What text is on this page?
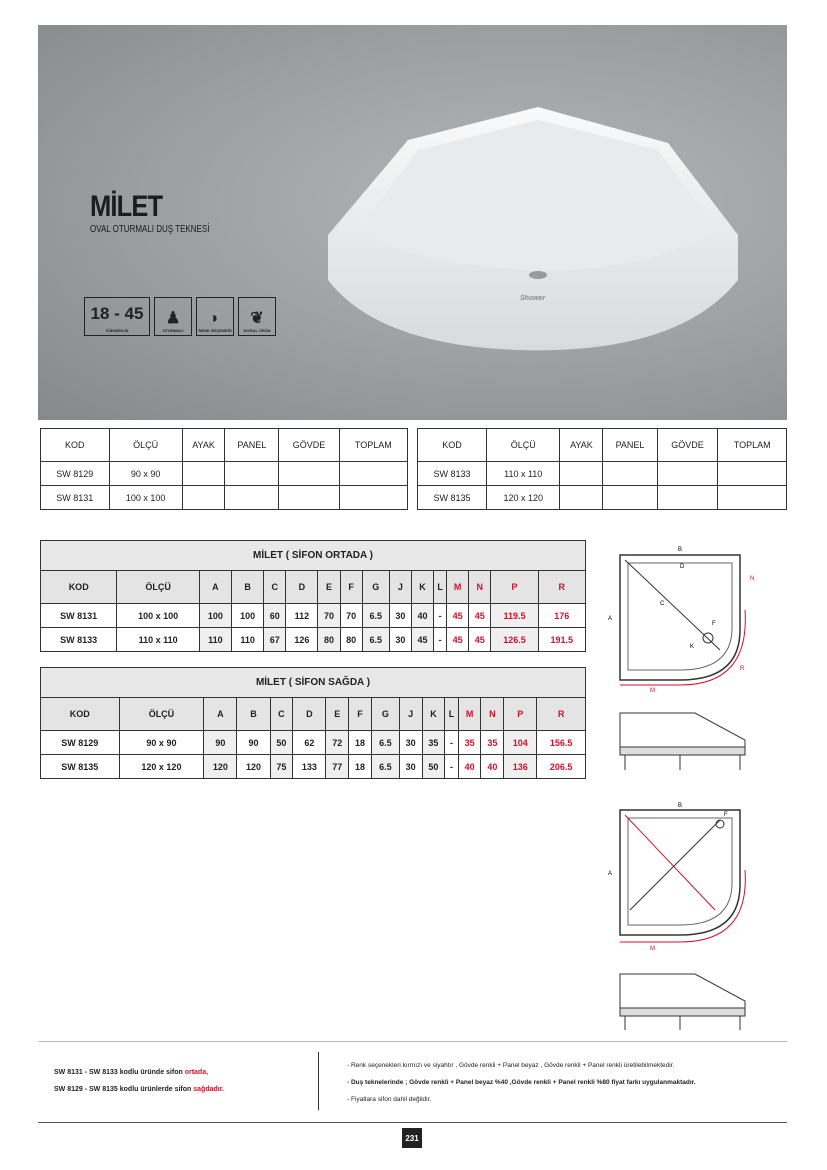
Shower
MİLET
OVAL OTURMALI DUŞ TEKNESİ
18 - 45
YÜKSEKLİK
♟
OTURMALI
◗
RENK SEÇENEĞİ
❦
DOĞAL ÜRÜN
KOD	ÖLÇÜ	AYAK	PANEL	GÖVDE	TOPLAM
SW 8129	90 x 90				
SW 8131	100 x 100				
KOD	ÖLÇÜ	AYAK	PANEL	GÖVDE	TOPLAM
SW 8133	110 x 110				
SW 8135	120 x 120				
MİLET ( SİFON ORTADA )															
KOD	ÖLÇÜ	A	B	C	D	E	F	G	J	K	L	M	N	P	R
SW 8131	100 x 100	100	100	60	112	70	70	6.5	30	40	-	45	45	119.5	176
SW 8133	110 x 110	110	110	67	126	80	80	6.5	30	45	-	45	45	126.5	191.5
MİLET ( SİFON SAĞDA )															
KOD	ÖLÇÜ	A	B	C	D	E	F	G	J	K	L	M	N	P	R
SW 8129	90 x 90	90	90	50	62	72	18	6.5	30	35	-	35	35	104	156.5
SW 8135	120 x 120	120	120	75	133	77	18	6.5	30	50	-	40	40	136	206.5
A
B
C
D
F
K
M
N
R
A
B
F
M
SW 8131 - SW 8133 kodlu üründe sifon ortada,
SW 8129 - SW 8135 kodlu ürünlerde sifon sağdadır.
- Renk seçenekleri kırmızı ve siyahtır , Gövde renkli + Panel beyaz , Gövde renkli + Panel renkli üretilebilmektedir.
- Duş teknelerinde ; Gövde renkli + Panel beyaz %40 ,Gövde renkli + Panel renkli %80 fiyat farkı uygulanmaktadır.
- Fiyatlara sifon dahil değildir.
231
